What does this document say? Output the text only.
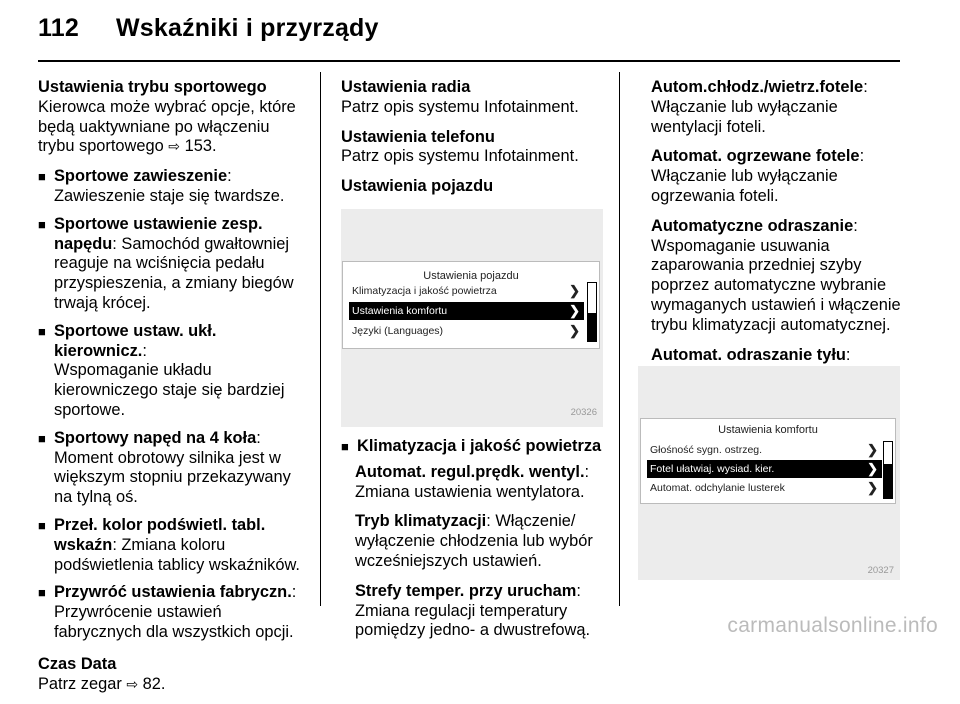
112 Wskaźniki i przyrządy

Ustawienia trybu sportowego
Kierowca może wybrać opcje, które będą uaktywniane po włączeniu trybu sportowego ⇨ 153.

■ Sportowe zawieszenie:
Zawieszenie staje się twardsze.
■ Sportowe ustawienie zesp. napędu: Samochód gwałtowniej reaguje na wciśnięcia pedału przyspieszenia, a zmiany biegów trwają krócej.
■ Sportowe ustaw. ukł. kierownicz.:
Wspomaganie układu kierowniczego staje się bardziej sportowe.
■ Sportowy napęd na 4 koła: Moment obrotowy silnika jest w większym stopniu przekazywany na tylną oś.
■ Przeł. kolor podświetl. tabl. wskaźn: Zmiana koloru podświetlenia tablicy wskaźników.
■ Przywróć ustawienia fabryczn.:
Przywrócenie ustawień fabrycznych dla wszystkich opcji.

Czas Data
Patrz zegar ⇨ 82.

Ustawienia radia
Patrz opis systemu Infotainment.

Ustawienia telefonu
Patrz opis systemu Infotainment.

Ustawienia pojazdu

Ustawienia pojazdu
Klimatyzacja i jakość powietrza	❯
Ustawienia komfortu	❯
Języki (Languages)	❯
20326
■ Klimatyzacja i jakość powietrza

Automat. regul.prędk. wentyl.:
Zmiana ustawienia wentylatora.

Tryb klimatyzacji: Włączenie/ wyłączenie chłodzenia lub wybór wcześniejszych ustawień.

Strefy temper. przy urucham:
Zmiana regulacji temperatury pomiędzy jedno- a dwustrefową.

Autom.chłodz./wietrz.fotele:
Włączanie lub wyłączanie wentylacji foteli.

Automat. ogrzewane fotele:
Włączanie lub wyłączanie ogrzewania foteli.

Automatyczne odraszanie:
Wspomaganie usuwania zaparowania przedniej szyby poprzez automatyczne wybranie wymaganych ustawień i włączenie trybu klimatyzacji automatycznej.

Automat. odraszanie tyłu:

Ustawienia komfortu
Głośność sygn. ostrzeg.	❯
Fotel ułatwiaj. wysiad. kier.	❯
Automat. odchylanie lusterek	❯
20327
carmanualsonline.info
